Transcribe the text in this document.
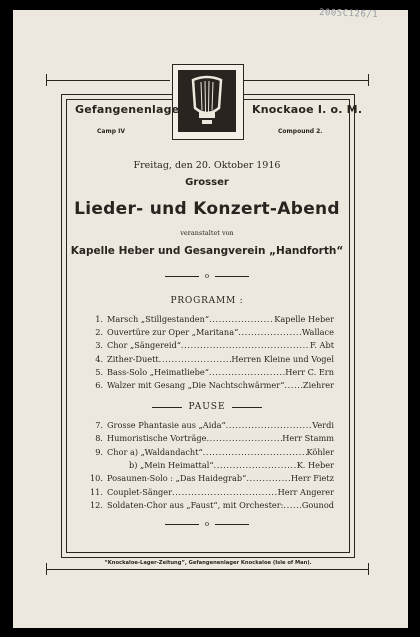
2005C126/1
Gefangenenlager	Knockaoe I. o. M.
Camp IV	Compound 2.
Freitag, den 20. Oktober 1916
Grosser
Lieder- und Konzert-Abend
veranstaltet von
Kapelle Heber und Gesangverein „Handforth“
o
PROGRAMM :
1. Marsch „Stillgestanden“ .....	Kapelle Heber
2. Ouvertüre zur Oper „Maritana“ .....	Wallace
3. Chor „Sängereid“ .....	F. Abt
4. Zither-Duett .....	Herren Kleine und Vogel
5. Bass-Solo „Heimatliebe“ .....	Herr C. Ern
6. Walzer mit Gesang „Die Nachtschwärmer“ ..... Ziehrer
PAUSE
7. Grosse Phantasie aus „Aida“ .....	Verdi
8. Humoristische Vorträge .....	Herr Stamm
9. Chor a) „Waldandacht“ .....	Köhler
b) „Mein Heimattal“ .....	K. Heber
10. Posaunen-Solo : „Das Haidegrab“ .....	Herr Fietz
11. Couplet-Sänger .....	Herr Angerer
12. Soldaten-Chor aus „Faust“, mit Orchester: ..... Gounod
o
“Knockaloe-Lager-Zeitung”, Gefangenenlager Knockaloe (Isle of Man).
